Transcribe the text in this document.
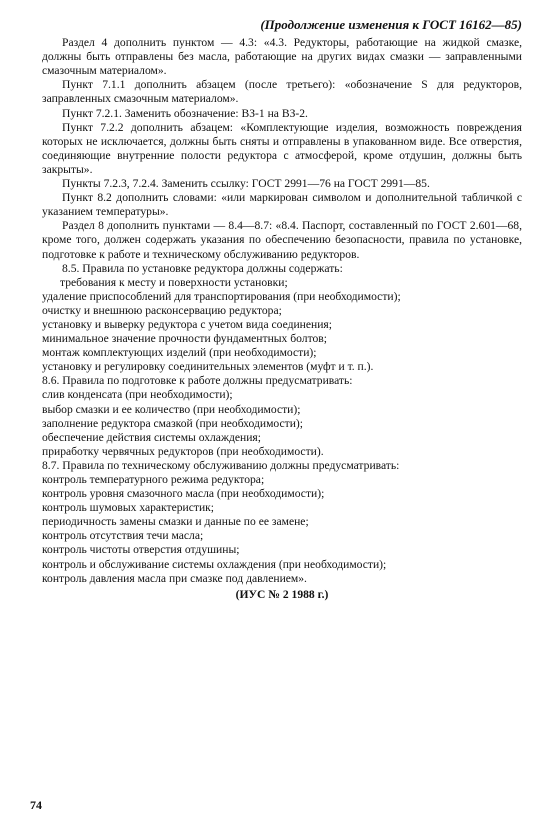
(Продолжение изменения к ГОСТ 16162—85)

Раздел 4 дополнить пунктом — 4.3: «4.3. Редукторы, работающие на жидкой смазке, должны быть отправлены без масла, работающие на других видах смазки — заправленными смазочным материалом».

Пункт 7.1.1 дополнить абзацем (после третьего): «обозначение S для редукторов, заправленных смазочным материалом».

Пункт 7.2.1. Заменить обозначение: ВЗ-1 на ВЗ-2.

Пункт 7.2.2 дополнить абзацем: «Комплектующие изделия, возможность повреждения которых не исключается, должны быть сняты и отправлены в упакованном виде. Все отверстия, соединяющие внутренние полости редуктора с атмосферой, кроме отдушин, должны быть закрыты».

Пункты 7.2.3, 7.2.4. Заменить ссылку: ГОСТ 2991—76 на ГОСТ 2991—85.

Пункт 8.2 дополнить словами: «или маркирован символом и дополнительной табличкой с указанием температуры».

Раздел 8 дополнить пунктами — 8.4—8.7: «8.4. Паспорт, составленный по ГОСТ 2.601—68, кроме того, должен содержать указания по обеспечению безопасности, правила по установке, подготовке к работе и техническому обслуживанию редукторов.

8.5. Правила по установке редуктора должны содержать:

требования к месту и поверхности установки;

удаление приспособлений для транспортирования (при необходимости);

очистку и внешнюю расконсервацию редуктора;

установку и выверку редуктора с учетом вида соединения;

минимальное значение прочности фундаментных болтов;

монтаж комплектующих изделий (при необходимости);

установку и регулировку соединительных элементов (муфт и т. п.).

8.6. Правила по подготовке к работе должны предусматривать:

слив конденсата (при необходимости);

выбор смазки и ее количество (при необходимости);

заполнение редуктора смазкой (при необходимости);

обеспечение действия системы охлаждения;

приработку червячных редукторов (при необходимости).

8.7. Правила по техническому обслуживанию должны предусматривать:

контроль температурного режима редуктора;

контроль уровня смазочного масла (при необходимости);

контроль шумовых характеристик;

периодичность замены смазки и данные по ее замене;

контроль отсутствия течи масла;

контроль чистоты отверстия отдушины;

контроль и обслуживание системы охлаждения (при необходимости);

контроль давления масла при смазке под давлением».

(ИУС № 2 1988 г.)
74
